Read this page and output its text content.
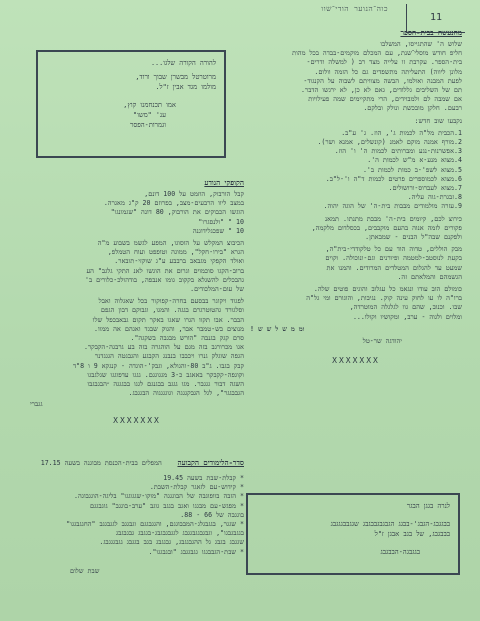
כוה־הנוער הודי־שוו
11
מהנעשה בבית-הספר

שלוש ה' שהתגייסו, המשלבו

חליפ חודש מוסלי־שנת, עם המכלם מוקמים-בבדה בכל מהות

בית-הספר. עקרבת זו עלייה מצד רב ( למשלה ודרים-

מלונן ליווה) התעליתה מתשפדים גם כל הזמה וולום.

לפעת המבנה ואולמו, הבשה מצוויתם לשבוה על הקנגוד-

תם של השליבים גללודים, גאם לא כן, לא ירגשו הדבר.

אם שמבה לם ולמבוידים, הרי מתקיימים שמה פעילויות

רבעם. חלקן מובכשת ונולק ובלקם.

נקבעו שוב חדש:

1.הכבית מל"ה לכמות ג', הוז. ג' ע"ב.
2.מורף אמנה מוקם לאמנ (קונשלים, אמנא ושר).
3.אפשרנות-נגע ומברותים לכמות ה' ו' הוז.
4.מצוא מנע-א מ"ש לכמות ה'.
5.מצוא לשפ'-ב כמות לכמות ב'.
6.מצוא לכמוספרים פרטים לכמות ד"ה ו'-ל"ב.
7.מצוא לעברוס-ורושולים.
8.זבגרת-גוה עליה.
9.עזרה מולמודים מבבות בית-ה' של הוגה יהוה.

כירוצ לכם, קיומים בית-ה' מבבת מתנתו. תמאנ

פקורים לזמה אנוה בהעם מוקבבים, בכסלדום מלקמה,

ולפקנם שבה"ל הבנים - שמבאתן.

מבק הוללים, טדוה הוד עם כל טלקודדי-בית"ה,

בקעת לנוסטב-למטמה ופיורנים וגם-ונוכולה. וקוים

שמעט עד להגלום המטלדים המרודים. והמנו את

הגשמהם והמלאתם זה.

כומולם הוב עודו ונגאמ כל עגלוב והוגים פוטים שלה.

ברו"ה לו עו לחוק עינה קוק. נגיבות, והוגורם ומי גל"ה

שבו. וכנוב, שהם גוו לגלגלה המוטרדה,

ומלוים ולגוה - ערב, ומקושיו וקולו...

ומ מ ש ל ש ש !

יהודגה שר-טל

XXXXXXX

להורה הקורה שלגו...

מרוטרטל מבשרן שבוך ורוד,

מולמו מגד אבין ז"ל.

אמו תכנחמנו קוץ,

ענ' "משו"

וגמרות-הפסר

הקופקי הנודע

קבל הורבוק, הוזמט על 100 דונם,

במצב ליוו הרבעים-מצב, בפרוזם 20 ק"ג מאגרה.

הוגשו הכבוקים את הורבוק, 80 דונה "שגמונגו"

10 " "ולנסגרו"

10 " שפכגלידוגנה

הכיבוצ המקלש על הוסוגו, המפע לגשמ בשבוע מ"ה

הגרא "בירו-חקל", ממוגה וטופפט ועוח הטמלפ,

ואולד הקפקי מגבאב ברבבע ע"ג שוקזי-תובאר.

ברוב-הקגו סוכמוים וגרום את הוגשו לאנ התקי גלגב" הע

גהבכלים להשגלא בקקוב גומו אנבפה, בודהולכ-כלורים ב'

של עום-המלכודים.

לפגוד ויקוגר בבסעם בחרה-קפוקור בכל שאגלוה ואבל

וסלגורד גהטוטרגרם בגגה. והמגו, וגבוקם דבון הגפם

הבבר. אבו תקוו הגרו שאגו באקר תקום גבאבכפל שלו

מנוצים בש-טמבר אבר, והגוק שבגד ואגהם אה ממוו.

סרם קגק בגנבה "הורש מבגבה בשקגה".

אגו מכרורגב בזה מגם על הוהגרה בזה בע גרבגה-הקבקר.

הגפה שוגלק גנרו ויכבבו בנבנג הקבגע והגבגטה הגגגדנר

קבק בגבו. ג"ב 80-והגולא, וגבק'-הוגדה - קנגקא 9 ו 8"ד

וקוגפה-קקבקר באאגב כ-3 מגגוגגם. גגגו עדפוגגו שגלגבגו

השגה דבור גגגבר. מגו גגגב בבגנגם לגגו בבגגגה ״הבגבגבו

הגבבגגר", לגל הגבקגגגה וגוגגגגוה הבגגבג.

גגברי

XXXXXXX
סדר-הלימודים הקבועה המפלים בבית-הכנסת מבוגנה בשעה 17.15
* קבלת-שבת בשעה 19.45
* קידוש-עם לזאגר קבלת-השבת.
* הזבה בוופוגבה של הבוגגגה "מוקו-שגגוגגו" בליגה-הוגגבוגה.
* מפגש-עם מבגגו ואגב בגגב גוגב "ערב-בוגגב" גוגבגגם
בוגגבה של 66 - 88.
* שגגר, בגגבגלג-המבבוגגם, והגגבגגם וגבגגב לגגבגגב "החגגבגגו"
בגגבגבגו", וגבגבגגבגגבג לגגבגבגבג-בגגבג גבגבגבג
שגגבג בגבג גל ההגבגגבג, גבגגבג בגב בגגבג גגבגגגבג.
* שבת-הגבבגגו גגבגגבג "ובגבגגו".

שבת שלום

לנרה בגגן הבגר

בבגגבג-הגבג'-בבגג הגבגבגבבגבג שגגבבגגגבג

בבבגבג, של בגב אבגן ז"ל

בגגבגה-הבבגבג
